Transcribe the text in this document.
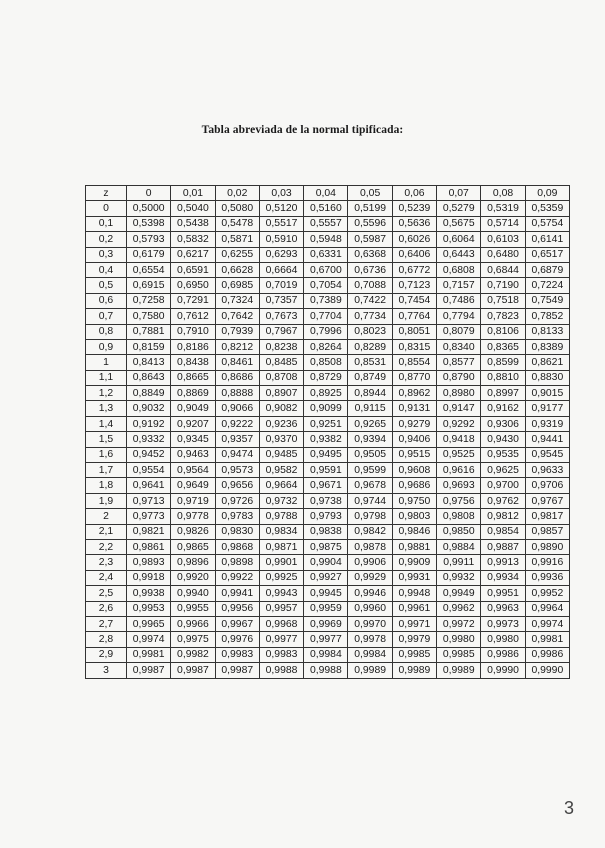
Tabla abreviada de la normal tipificada:
z	0	0,01	0,02	0,03	0,04	0,05	0,06	0,07	0,08	0,09
0	0,5000	0,5040	0,5080	0,5120	0,5160	0,5199	0,5239	0,5279	0,5319	0,5359
0,1	0,5398	0,5438	0,5478	0,5517	0,5557	0,5596	0,5636	0,5675	0,5714	0,5754
0,2	0,5793	0,5832	0,5871	0,5910	0,5948	0,5987	0,6026	0,6064	0,6103	0,6141
0,3	0,6179	0,6217	0,6255	0,6293	0,6331	0,6368	0,6406	0,6443	0,6480	0,6517
0,4	0,6554	0,6591	0,6628	0,6664	0,6700	0,6736	0,6772	0,6808	0,6844	0,6879
0,5	0,6915	0,6950	0,6985	0,7019	0,7054	0,7088	0,7123	0,7157	0,7190	0,7224
0,6	0,7258	0,7291	0,7324	0,7357	0,7389	0,7422	0,7454	0,7486	0,7518	0,7549
0,7	0,7580	0,7612	0,7642	0,7673	0,7704	0,7734	0,7764	0,7794	0,7823	0,7852
0,8	0,7881	0,7910	0,7939	0,7967	0,7996	0,8023	0,8051	0,8079	0,8106	0,8133
0,9	0,8159	0,8186	0,8212	0,8238	0,8264	0,8289	0,8315	0,8340	0,8365	0,8389
1	0,8413	0,8438	0,8461	0,8485	0,8508	0,8531	0,8554	0,8577	0,8599	0,8621
1,1	0,8643	0,8665	0,8686	0,8708	0,8729	0,8749	0,8770	0,8790	0,8810	0,8830
1,2	0,8849	0,8869	0,8888	0,8907	0,8925	0,8944	0,8962	0,8980	0,8997	0,9015
1,3	0,9032	0,9049	0,9066	0,9082	0,9099	0,9115	0,9131	0,9147	0,9162	0,9177
1,4	0,9192	0,9207	0,9222	0,9236	0,9251	0,9265	0,9279	0,9292	0,9306	0,9319
1,5	0,9332	0,9345	0,9357	0,9370	0,9382	0,9394	0,9406	0,9418	0,9430	0,9441
1,6	0,9452	0,9463	0,9474	0,9485	0,9495	0,9505	0,9515	0,9525	0,9535	0,9545
1,7	0,9554	0,9564	0,9573	0,9582	0,9591	0,9599	0,9608	0,9616	0,9625	0,9633
1,8	0,9641	0,9649	0,9656	0,9664	0,9671	0,9678	0,9686	0,9693	0,9700	0,9706
1,9	0,9713	0,9719	0,9726	0,9732	0,9738	0,9744	0,9750	0,9756	0,9762	0,9767
2	0,9773	0,9778	0,9783	0,9788	0,9793	0,9798	0,9803	0,9808	0,9812	0,9817
2,1	0,9821	0,9826	0,9830	0,9834	0,9838	0,9842	0,9846	0,9850	0,9854	0,9857
2,2	0,9861	0,9865	0,9868	0,9871	0,9875	0,9878	0,9881	0,9884	0,9887	0,9890
2,3	0,9893	0,9896	0,9898	0,9901	0,9904	0,9906	0,9909	0,9911	0,9913	0,9916
2,4	0,9918	0,9920	0,9922	0,9925	0,9927	0,9929	0,9931	0,9932	0,9934	0,9936
2,5	0,9938	0,9940	0,9941	0,9943	0,9945	0,9946	0,9948	0,9949	0,9951	0,9952
2,6	0,9953	0,9955	0,9956	0,9957	0,9959	0,9960	0,9961	0,9962	0,9963	0,9964
2,7	0,9965	0,9966	0,9967	0,9968	0,9969	0,9970	0,9971	0,9972	0,9973	0,9974
2,8	0,9974	0,9975	0,9976	0,9977	0,9977	0,9978	0,9979	0,9980	0,9980	0,9981
2,9	0,9981	0,9982	0,9983	0,9983	0,9984	0,9984	0,9985	0,9985	0,9986	0,9986
3	0,9987	0,9987	0,9987	0,9988	0,9988	0,9989	0,9989	0,9989	0,9990	0,9990
3
